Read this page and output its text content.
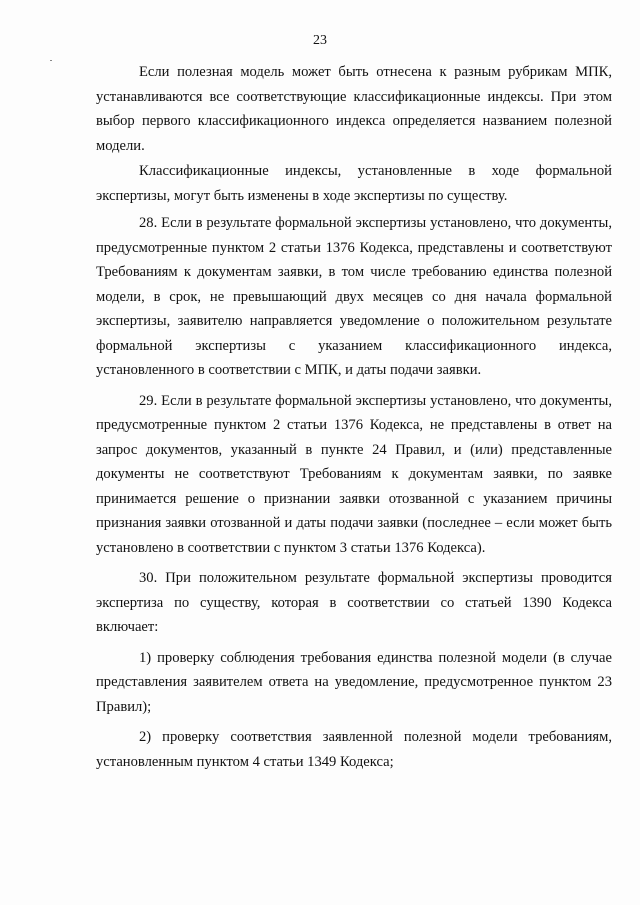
23

Если полезная модель может быть отнесена к разным рубрикам МПК, устанавливаются все соответствующие классификационные индексы. При этом выбор первого классификационного индекса определяется названием полезной модели.

Классификационные индексы, установленные в ходе формальной экспертизы, могут быть изменены в ходе экспертизы по существу.

28. Если в результате формальной экспертизы установлено, что документы, предусмотренные пунктом 2 статьи 1376 Кодекса, представлены и соответствуют Требованиям к документам заявки, в том числе требованию единства полезной модели, в срок, не превышающий двух месяцев со дня начала формальной экспертизы, заявителю направляется уведомление о положительном результате формальной экспертизы с указанием классификационного индекса, установленного в соответствии с МПК, и даты подачи заявки.

29. Если в результате формальной экспертизы установлено, что документы, предусмотренные пунктом 2 статьи 1376 Кодекса, не представлены в ответ на запрос документов, указанный в пункте 24 Правил, и (или) представленные документы не соответствуют Требованиям к документам заявки, по заявке принимается решение о признании заявки отозванной с указанием причины признания заявки отозванной и даты подачи заявки (последнее – если может быть установлено в соответствии с пунктом 3 статьи 1376 Кодекса).

30. При положительном результате формальной экспертизы проводится экспертиза по существу, которая в соответствии со статьей 1390 Кодекса включает:

1) проверку соблюдения требования единства полезной модели (в случае представления заявителем ответа на уведомление, предусмотренное пунктом 23 Правил);

2) проверку соответствия заявленной полезной модели требованиям, установленным пунктом 4 статьи 1349 Кодекса;
